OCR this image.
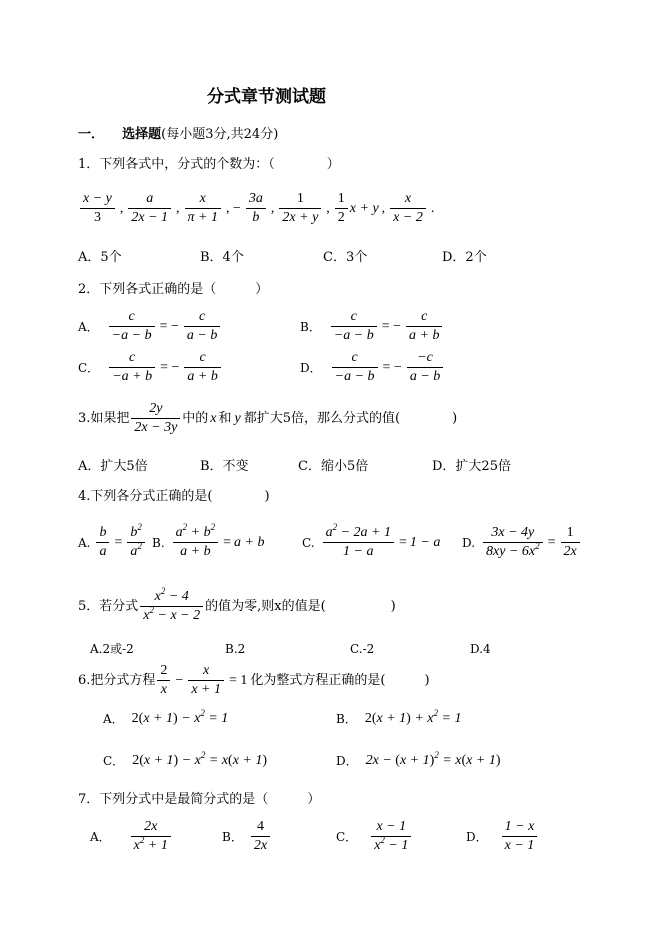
分式章节测试题
一． 选择题(每小题3分,共24分)
1．下列各式中，分式的个数为：（　　　　）
$\frac{x - y}{3}$ , $\frac{a}{2x - 1}$ , $\frac{x}{\pi + 1}$ , − $\frac{3a}{b}$ , $\frac{1}{2x + y}$ , $\frac{1}{2}$ x + y , $\frac{x}{x - 2}$ .
A．5个	B．4个	C．3个	D．2个
2．下列各式正确的是（　　　）
A． $\frac{c}{-a - b}$ = − $\frac{c}{a - b}$	B． $\frac{c}{-a - b}$ = − $\frac{c}{a + b}$
C． $\frac{c}{-a + b}$ = − $\frac{c}{a + b}$	D． $\frac{c}{-a - b}$ = − $\frac{-c}{a - b}$
3.如果把 $\frac{2y}{2x - 3y}$ 中的 x 和 y 都扩大5倍，那么分式的值(　　　　)
A．扩大5倍	B．不变	C．缩小5倍	D．扩大25倍
4.下列各分式正确的是(　　　　)
A. $\frac{b}{a} = \frac{b^2}{a^2} B$. $\frac{a^2 + b^2}{a + b} = a + b$	C. $\frac{a^2 - 2a + 1}{1 - a} = 1 - a$ D. $\frac{3x - 4y}{8xy - 6x^2} = \frac{1}{2x}$
5．若分式 $\frac{x^2 - 4}{x^2 - x - 2}$ 的值为零,则x的值是(　　　　　)
A.2或-2	B.2	C.-2	D.4
6.把分式方程 $\frac{2}{x} - \frac{x}{x + 1} = 1$ 化为整式方程正确的是(　　　)
A． $2(x + 1) - x^2 = 1$	B． $2(x + 1) + x^2 = 1$
C． $2(x + 1) - x^2 = x(x + 1)$	D． $2x - (x + 1)^2 = x(x + 1)$
7．下列分式中是最简分式的是（　　　）
A． $\frac{2x}{x^2 + 1}$	B． $\frac{4}{2x}$	C． $\frac{x - 1}{x^2 - 1}$	D． $\frac{1 - x}{x - 1}$
